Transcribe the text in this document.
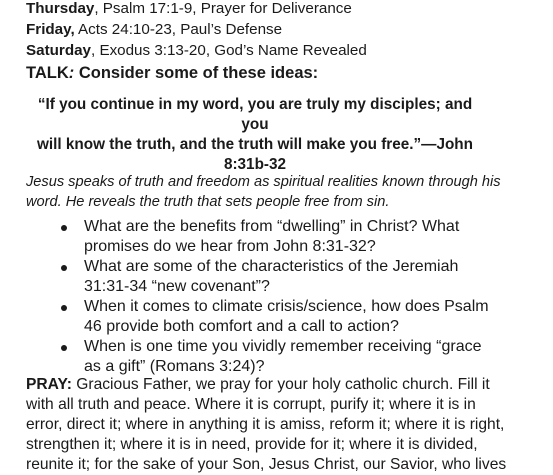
Thursday, Psalm 17:1-9, Prayer for Deliverance
Friday, Acts 24:10-23, Paul’s Defense
Saturday, Exodus 3:13-20, God’s Name Revealed
TALK: Consider some of these ideas:
“If you continue in my word, you are truly my disciples; and you
will know the truth, and the truth will make you free.”—John
8:31b-32
Jesus speaks of truth and freedom as spiritual realities known through his
word. He reveals the truth that sets people free from sin.
What are the benefits from “dwelling” in Christ? What
promises do we hear from John 8:31-32?
What are some of the characteristics of the Jeremiah
31:31-34 “new covenant”?
When it comes to climate crisis/science, how does Psalm
46 provide both comfort and a call to action?
When is one time you vividly remember receiving “grace
as a gift” (Romans 3:24)?
PRAY: Gracious Father, we pray for your holy catholic church. Fill it
with all truth and peace. Where it is corrupt, purify it; where it is in
error, direct it; where in anything it is amiss, reform it; where it is right,
strengthen it; where it is in need, provide for it; where it is divided,
reunite it; for the sake of your Son, Jesus Christ, our Savior, who lives
